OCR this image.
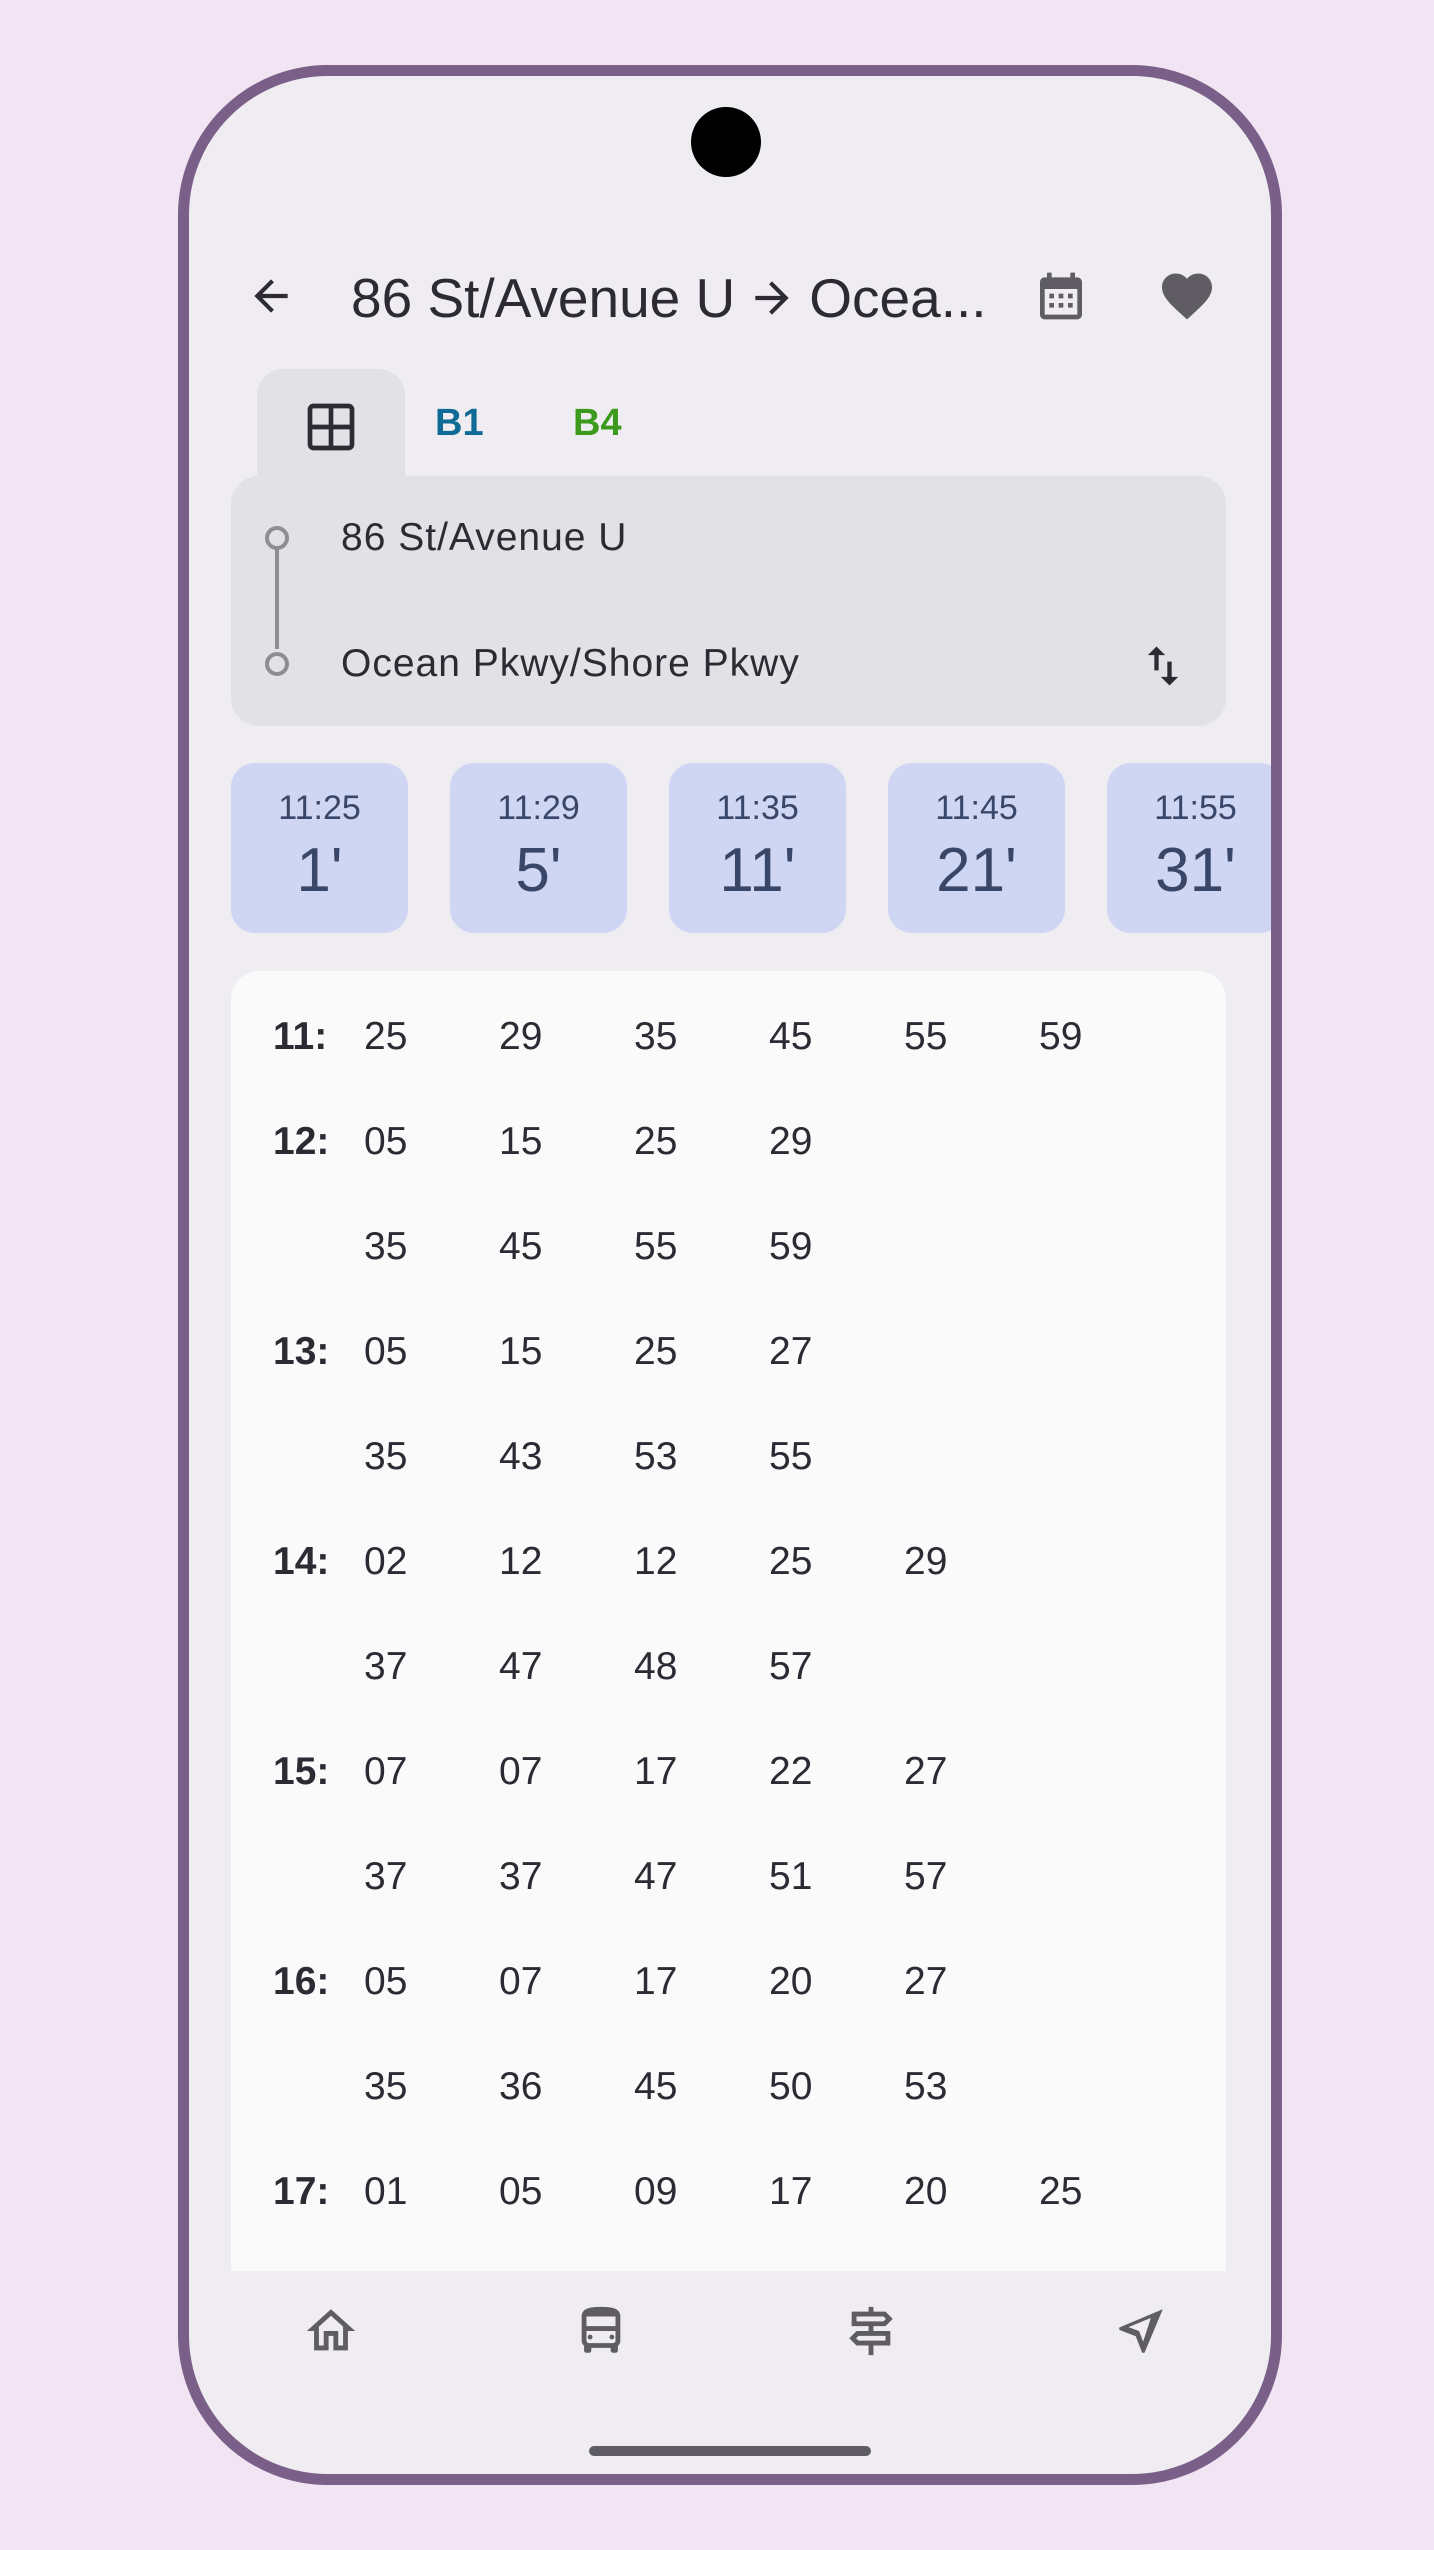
86 St/Avenue U Ocea...
B1 B4
86 St/Avenue U
Ocean Pkwy/Shore Pkwy
11:25
1'
11:29
5'
11:35
11'
11:45
21'
11:55
31'
11: 25	29	35	45	55	59
12: 05	15	25	29
35	45	55	59
13: 05	15	25	27
35	43	53	55
14: 02	12	12	25	29
37	47	48	57
15: 07	07	17	22	27
37	37	47	51	57
16: 05	07	17	20	27
35	36	45	50	53
17: 01	05	09	17	20	25
